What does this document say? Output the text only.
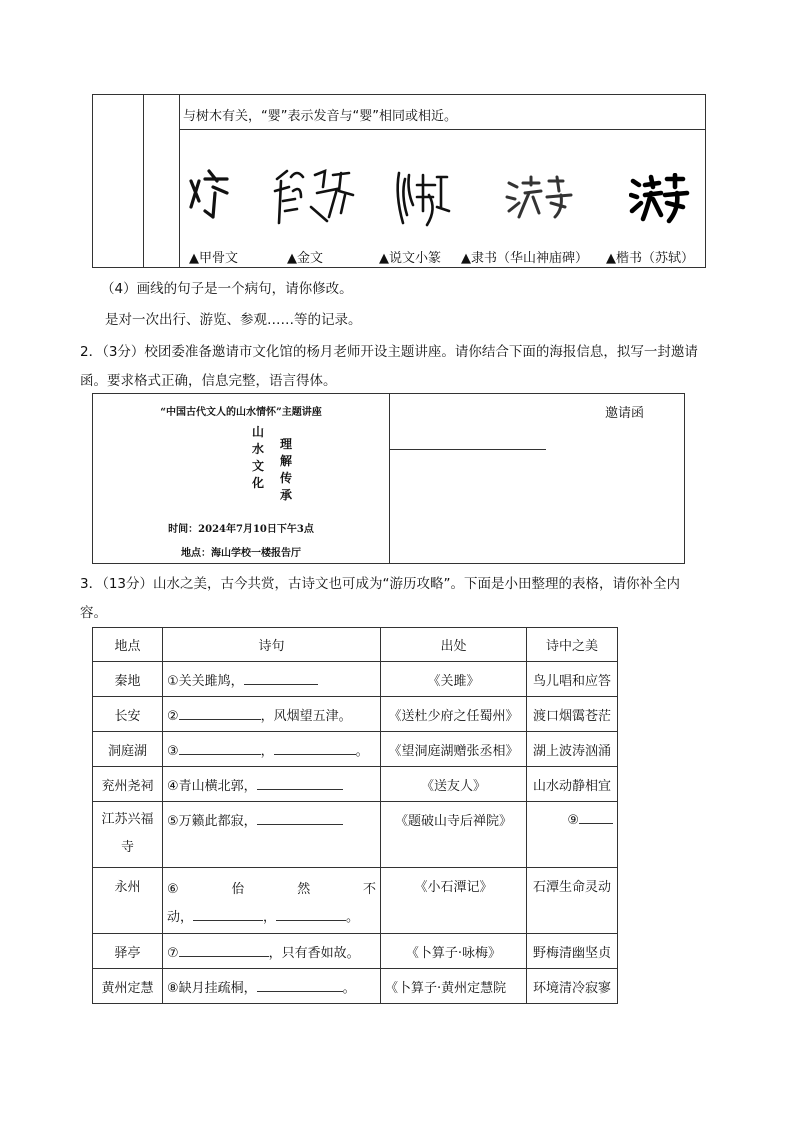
与树木有关，“婴”表示发音与“婴”相同或相近。
▲甲骨文	▲金文	▲说文小篆 ▲隶书（华山神庙碑） ▲楷书（苏轼）
（4）画线的句子是一个病句，请你修改。
是对一次出行、游览、参观……等的记录。
2．（3分）校团委准备邀请市文化馆的杨月老师开设主题讲座。请你结合下面的海报信息，拟写一封邀请
函。要求格式正确，信息完整，语言得体。
“中国古代文人的山水情怀”主题讲座
山水
文化
理解传承
时间：2024年7月10日下午3点
地点：海山学校一楼报告厅
邀请函
3．（13分）山水之美，古今共赏，古诗文也可成为“游历攻略”。下面是小田整理的表格，请你补全内
容。
地点	诗句	出处	诗中之美
秦地	①关关雎鸠，	《关雎》	鸟儿唱和应答
长安	② ，风烟望五津。	《送杜少府之任蜀州》	渡口烟霭苍茫
洞庭湖	③ ， 。	《望洞庭湖赠张丞相》	湖上波涛汹涌
兖州尧祠	④青山横北郭，	《送友人》	山水动静相宜

江苏兴福
寺	⑤万籁此都寂，	《题破山寺后禅院》	⑨
永州	⑥ 佁 然 不
动， ， 。	《小石潭记》	石潭生命灵动
驿亭	⑦ ，只有香如故。	《卜算子·咏梅》	野梅清幽坚贞
黄州定慧	⑧缺月挂疏桐， 。	《卜算子·黄州定慧院	环境清冷寂寥
